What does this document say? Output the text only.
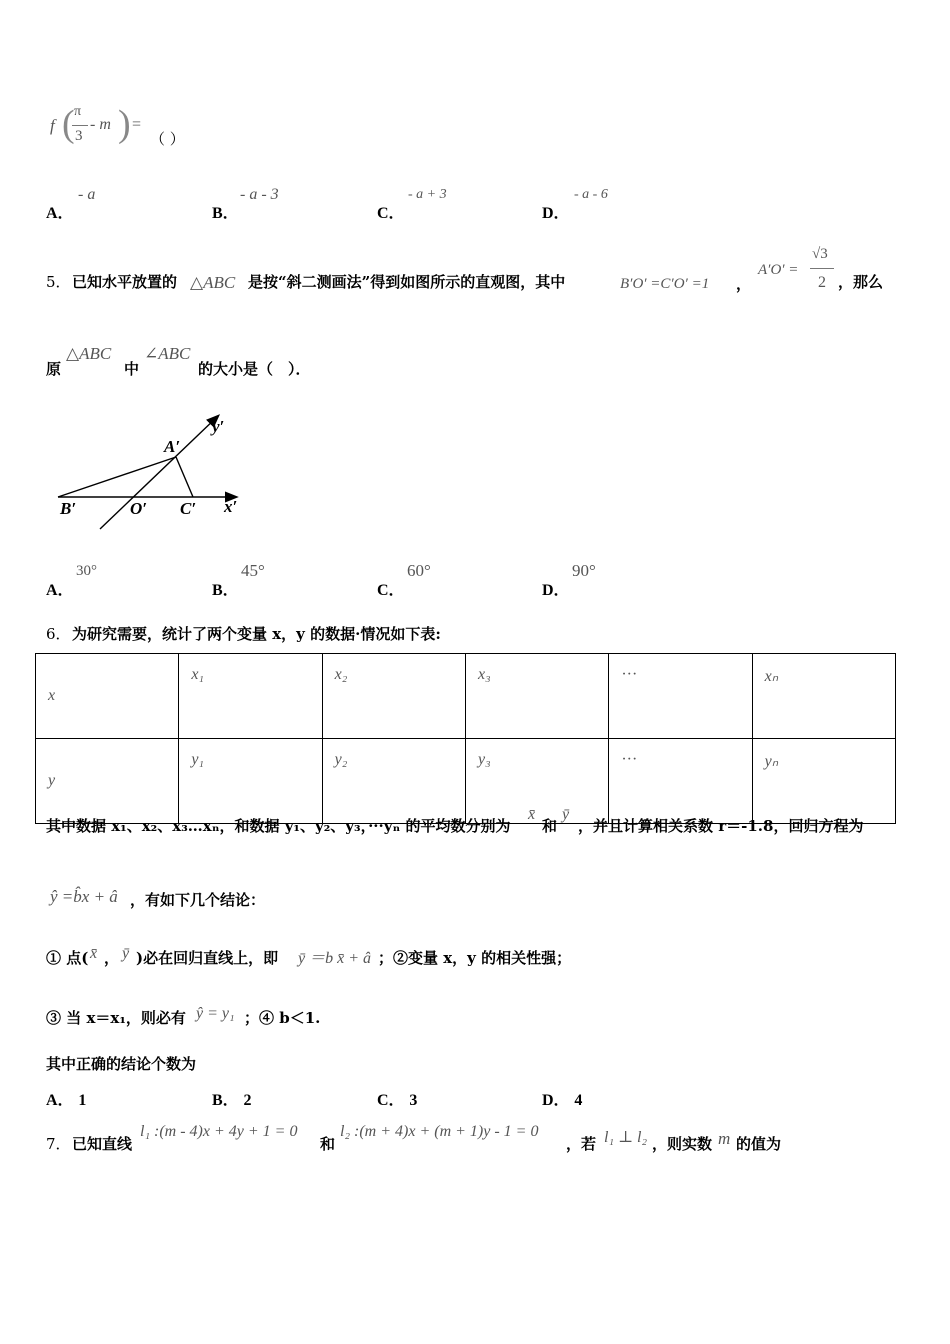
f ( π
3
- m ) =
（ ）
A．
- a
B．
- a - 3
C．
- a + 3
D．
- a - 6
5． 已知水平放置的 △ABC 是按“斜二测画法”得到如图所示的直观图，其中	B′O′ =C′O′ =1 ，
A′O′ =
√3
2 ，那么
原
△ABC
中
∠ABC
的大小是（　）．
y′
A′
B′	O′ C′ x′
A．
30°
B．
45°
C．
60°
D．
90°
6． 为研究需要，统计了两个变量 x，y 的数据·情况如下表:
x	x₁	x₂	x₃	···	xₙ
y	y₁	y₂	y₃	···	yₙ
其中数据 x₁、x₂、x₃…xₙ，和数据 y₁、y₂、y₃，···yₙ 的平均数分别为
x̄
和
ȳ
，并且计算相关系数 r＝-1.8，回归方程为
ŷ =b̂x + â ，有如下几个结论：
① 点( x̄ ， ȳ )必在回归直线上，即 ȳ ＝b x̄ + â ；②变量 x，y 的相关性强；
③ 当 x＝x₁，则必有 ŷ = y₁ ；④ b＜1.
其中正确的结论个数为
A． 1	B． 2	C． 3	D． 4
7． 已知直线
l₁ :(m - 4)x + 4y + 1 = 0
和
l₂ :(m + 4)x + (m + 1)y - 1 = 0
，若 l₁ ⊥ l₂ ，则实数 m 的值为
